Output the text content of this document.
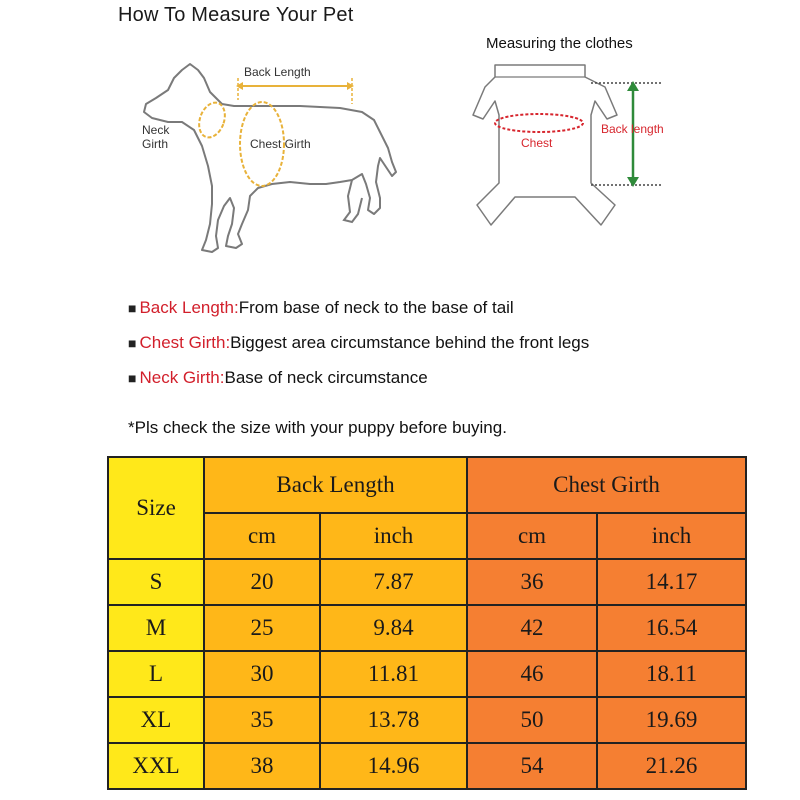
How To Measure Your Pet
Back Length
Neck
Girth	Chest Girth
Measuring the clothes
Back length
Chest
■ Back Length:From base of neck to the base of tail
■ Chest Girth:Biggest area circumstance behind the front legs
■ Neck Girth:Base of neck circumstance
*Pls check the size with your puppy before buying.
Size	Back Length		Chest Girth	
	cm	inch	cm	inch
S	20	7.87	36	14.17
M	25	9.84	42	16.54
L	30	11.81	46	18.11
XL	35	13.78	50	19.69
XXL	38	14.96	54	21.26
